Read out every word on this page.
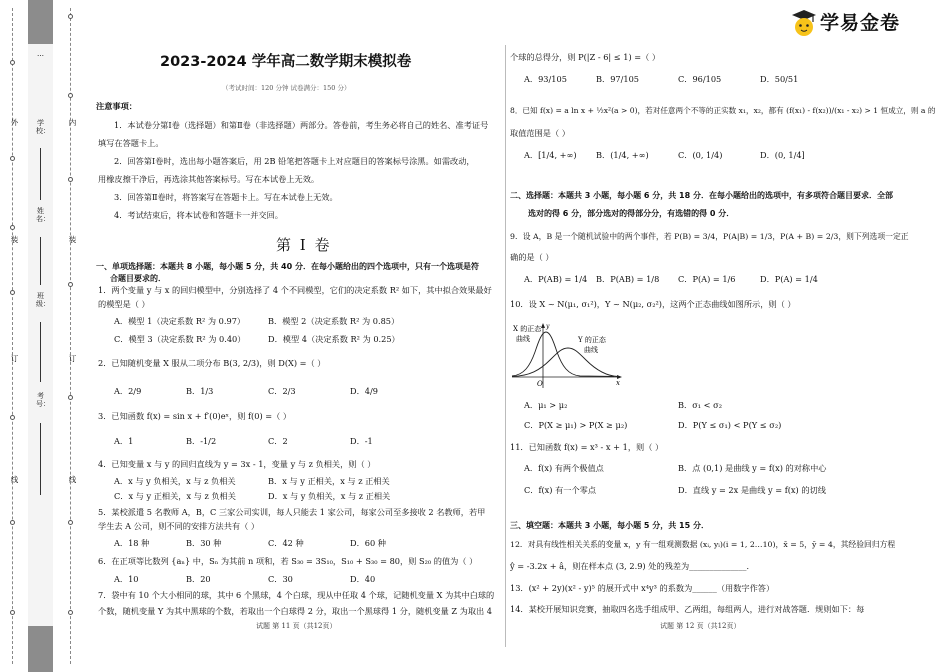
外
装
订
线
内
装
订
线
…
学校：
姓名：
班级：
考号：
学易金卷
2023-2024 学年高二数学期末模拟卷
（考试时间：120 分钟 试卷满分：150 分）
注意事项：
1．本试卷分第Ⅰ卷（选择题）和第Ⅱ卷（非选择题）两部分。答卷前，考生务必将自己的姓名、准考证号
填写在答题卡上。
2．回答第Ⅰ卷时，选出每小题答案后，用 2B 铅笔把答题卡上对应题目的答案标号涂黑。如需改动，
用橡皮擦干净后，再选涂其他答案标号。写在本试卷上无效。
3．回答第Ⅱ卷时，将答案写在答题卡上。写在本试卷上无效。
4．考试结束后，将本试卷和答题卡一并交回。
第 Ⅰ 卷
一、单项选择题：本题共 8 小题，每小题 5 分，共 40 分．在每小题给出的四个选项中，只有一个选项是符
合题目要求的．
1．两个变量 y 与 x 的回归模型中，分别选择了 4 个不同模型，它们的决定系数 R² 如下，其中拟合效果最好
的模型是（ ）
A．模型 1（决定系数 R² 为 0.97）	B．模型 2（决定系数 R² 为 0.85）
C．模型 3（决定系数 R² 为 0.40）	D．模型 4（决定系数 R² 为 0.25）
2．已知随机变量 X 服从二项分布 B(3, 2/3)，则 D(X) =（ ）
A．2/9	B．1/3	C．2/3	D．4/9
3．已知函数 f(x) = sin x + f′(0)eˣ，则 f(0) =（ ）
A．1	B．-1/2	C．2	D．-1
4．已知变量 x 与 y 的回归直线为 y = 3x - 1，变量 y 与 z 负相关，则（ ）
A．x 与 y 负相关，x 与 z 负相关	B．x 与 y 正相关，x 与 z 正相关
C．x 与 y 正相关，x 与 z 负相关	D．x 与 y 负相关，x 与 z 正相关
5．某校派遣 5 名教师 A，B，C 三家公司实训，每人只能去 1 家公司，每家公司至多接收 2 名教师，若甲
学生去 A 公司，则不同的安排方法共有（ ）
A．18 种	B．30 种	C．42 种	D．60 种
6．在正项等比数列 {aₙ} 中，Sₙ 为其前 n 项和，若 S₃₀ = 3S₁₀，S₁₀ + S₃₀ = 80，则 S₂₀ 的值为（ ）
A．10	B．20	C．30	D．40
7．袋中有 10 个大小相同的球，其中 6 个黑球，4 个白球，现从中任取 4 个球，记随机变量 X 为其中白球的
个数，随机变量 Y 为其中黑球的个数，若取出一个白球得 2 分，取出一个黑球得 1 分，随机变量 Z 为取出 4
试题 第 11 页（共12页）
个球的总得分，则 P(|Z - 6| ≤ 1) =（ ）
A．93/105	B．97/105	C．96/105	D．50/51
8．已知 f(x) = a ln x + ½x²(a > 0)，若对任意两个不等的正实数 x₁，x₂，都有 (f(x₁) - f(x₂))/(x₁ - x₂) > 1 恒成立，则 a 的
取值范围是（ ）
A．[1/4, +∞) B．(1/4, +∞)	C．(0, 1/4)	D．(0, 1/4]
二、选择题：本题共 3 小题，每小题 6 分，共 18 分．在每小题给出的选项中，有多项符合题目要求．全部
选对的得 6 分，部分选对的得部分分，有选错的得 0 分．
9．设 A，B 是一个随机试验中的两个事件，若 P(B) = 3/4，P(A|B) = 1/3，P(A + B) = 2/3，则下列选项一定正
确的是（ ）
A．P(AB) = 1/4 B．P(AB) = 1/8 C．P(A) = 1/6	D．P(A) = 1/4
10．设 X ~ N(μ₁, σ₁²)，Y ~ N(μ₂, σ₂²)，这两个正态曲线如图所示，则（ ）
X 的正态
曲线	Y 的正态
曲线
O	x
y
A．μ₁ > μ₂	B．σ₁ < σ₂
C．P(X ≥ μ₁) > P(X ≥ μ₂)	D．P(Y ≤ σ₁) < P(Y ≤ σ₂)
11．已知函数 f(x) = x³ - x + 1，则（ ）
A．f(x) 有两个极值点	B．点 (0,1) 是曲线 y = f(x) 的对称中心
C．f(x) 有一个零点	D．直线 y = 2x 是曲线 y = f(x) 的切线
三、填空题：本题共 3 小题，每小题 5 分，共 15 分．
12．对具有线性相关关系的变量 x，y 有一组观测数据 (xᵢ, yᵢ)(i = 1, 2…10)，x̄ = 5，ȳ = 4，其经验回归方程
ŷ = -3.2x + â，则在样本点 (3, 2.9) 处的残差为______________．
13．(x² + 2y)(x² - y)⁵ 的展开式中 x⁴y³ 的系数为______（用数字作答）
14．某校开展知识竞赛，抽取四名选手组成甲、乙两组，每组两人，进行对战答题．规则如下：每
试题 第 12 页（共12页）
